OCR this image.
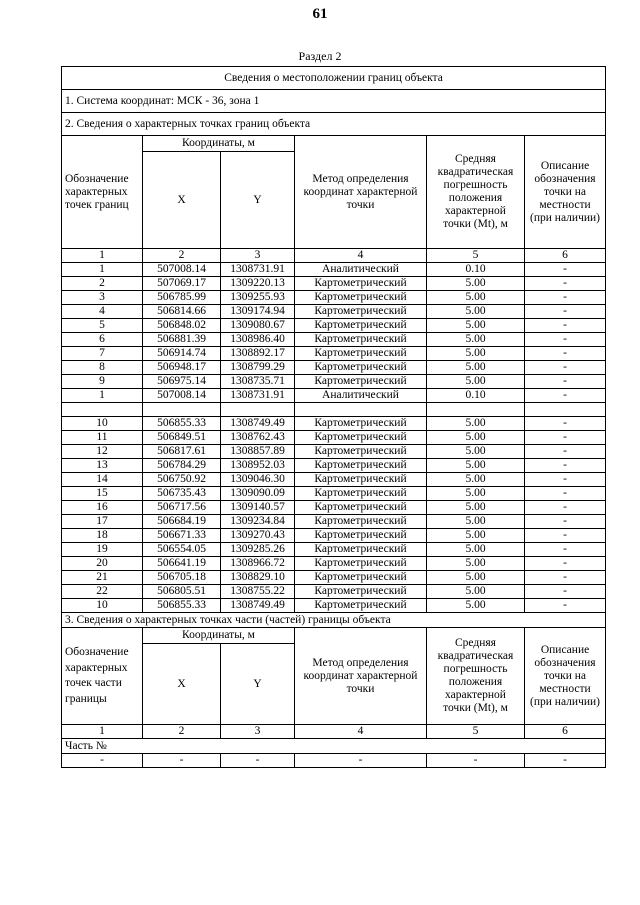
61
Раздел 2
Сведения о местоположении границ объекта					
1. Система координат: МСК - 36, зона 1					
2. Сведения о характерных точках границ объекта					
Обозначение характерных точек границ	Координаты, м		Метод определения координат характерной точки	Средняя квадратическая погрешность положения характерной точки (Mt), м	Описание обозначения точки на местности (при наличии)
	X	Y			
1	2	3	4	5	6
1	507008.14	1308731.91	Аналитический	0.10	-
2	507069.17	1309220.13	Картометрический	5.00	-
3	506785.99	1309255.93	Картометрический	5.00	-
4	506814.66	1309174.94	Картометрический	5.00	-
5	506848.02	1309080.67	Картометрический	5.00	-
6	506881.39	1308986.40	Картометрический	5.00	-
7	506914.74	1308892.17	Картометрический	5.00	-
8	506948.17	1308799.29	Картометрический	5.00	-
9	506975.14	1308735.71	Картометрический	5.00	-
1	507008.14	1308731.91	Аналитический	0.10	-

10	506855.33	1308749.49	Картометрический	5.00	-
11	506849.51	1308762.43	Картометрический	5.00	-
12	506817.61	1308857.89	Картометрический	5.00	-
13	506784.29	1308952.03	Картометрический	5.00	-
14	506750.92	1309046.30	Картометрический	5.00	-
15	506735.43	1309090.09	Картометрический	5.00	-
16	506717.56	1309140.57	Картометрический	5.00	-
17	506684.19	1309234.84	Картометрический	5.00	-
18	506671.33	1309270.43	Картометрический	5.00	-
19	506554.05	1309285.26	Картометрический	5.00	-
20	506641.19	1308966.72	Картометрический	5.00	-
21	506705.18	1308829.10	Картометрический	5.00	-
22	506805.51	1308755.22	Картометрический	5.00	-
10	506855.33	1308749.49	Картометрический	5.00	-
3. Сведения о характерных точках части (частей) границы объекта					
Обозначение характерных точек части границы	Координаты, м		Метод определения координат характерной точки	Средняя квадратическая погрешность положения характерной точки (Mt), м	Описание обозначения точки на местности (при наличии)
	X	Y			
1	2	3	4	5	6
Часть №					
-	-	-	-	-	-
